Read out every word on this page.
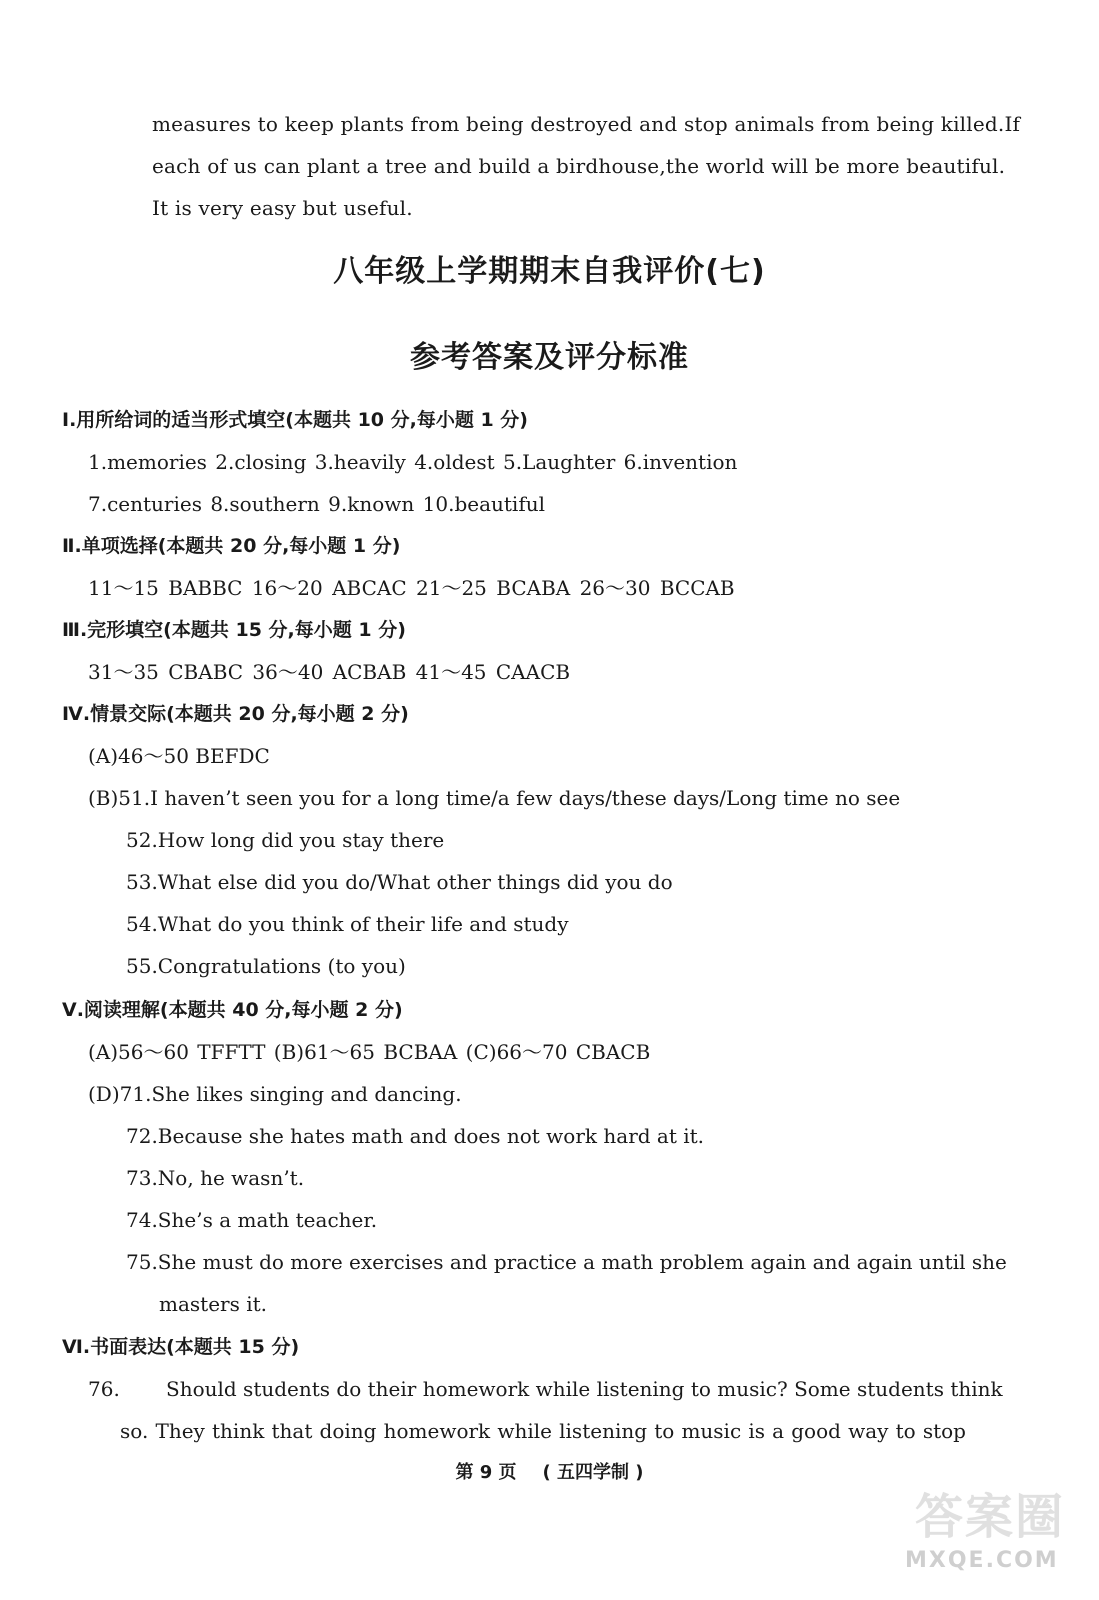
measures to keep plants from being destroyed and stop animals from being killed.If
each of us can plant a tree and build a birdhouse,the world will be more beautiful.
It is very easy but useful.
八年级上学期期末自我评价(七)
参考答案及评分标准
Ⅰ.用所给词的适当形式填空(本题共 10 分,每小题 1 分)
1.memories 2.closing 3.heavily 4.oldest 5.Laughter 6.invention
7.centuries 8.southern 9.known 10.beautiful
Ⅱ.单项选择(本题共 20 分,每小题 1 分)
11～15 BABBC 16～20 ABCAC 21～25 BCABA 26～30 BCCAB
Ⅲ.完形填空(本题共 15 分,每小题 1 分)
31～35 CBABC 36～40 ACBAB 41～45 CAACB
Ⅳ.情景交际(本题共 20 分,每小题 2 分)
(A)46～50 BEFDC
(B)51.I haven’t seen you for a long time/a few days/these days/Long time no see
52.How long did you stay there
53.What else did you do/What other things did you do
54.What do you think of their life and study
55.Congratulations (to you)
Ⅴ.阅读理解(本题共 40 分,每小题 2 分)
(A)56～60 TFFTT (B)61～65 BCBAA (C)66～70 CBACB
(D)71.She likes singing and dancing.
72.Because she hates math and does not work hard at it.
73.No, he wasn’t.
74.She’s a math teacher.
75.She must do more exercises and practice a math problem again and again until she
masters it.
Ⅵ.书面表达(本题共 15 分)
76. Should students do their homework while listening to music? Some students think
so. They think that doing homework while listening to music is a good way to stop
第 9 页 ( 五四学制 )
答案圈
MXQE.COM
